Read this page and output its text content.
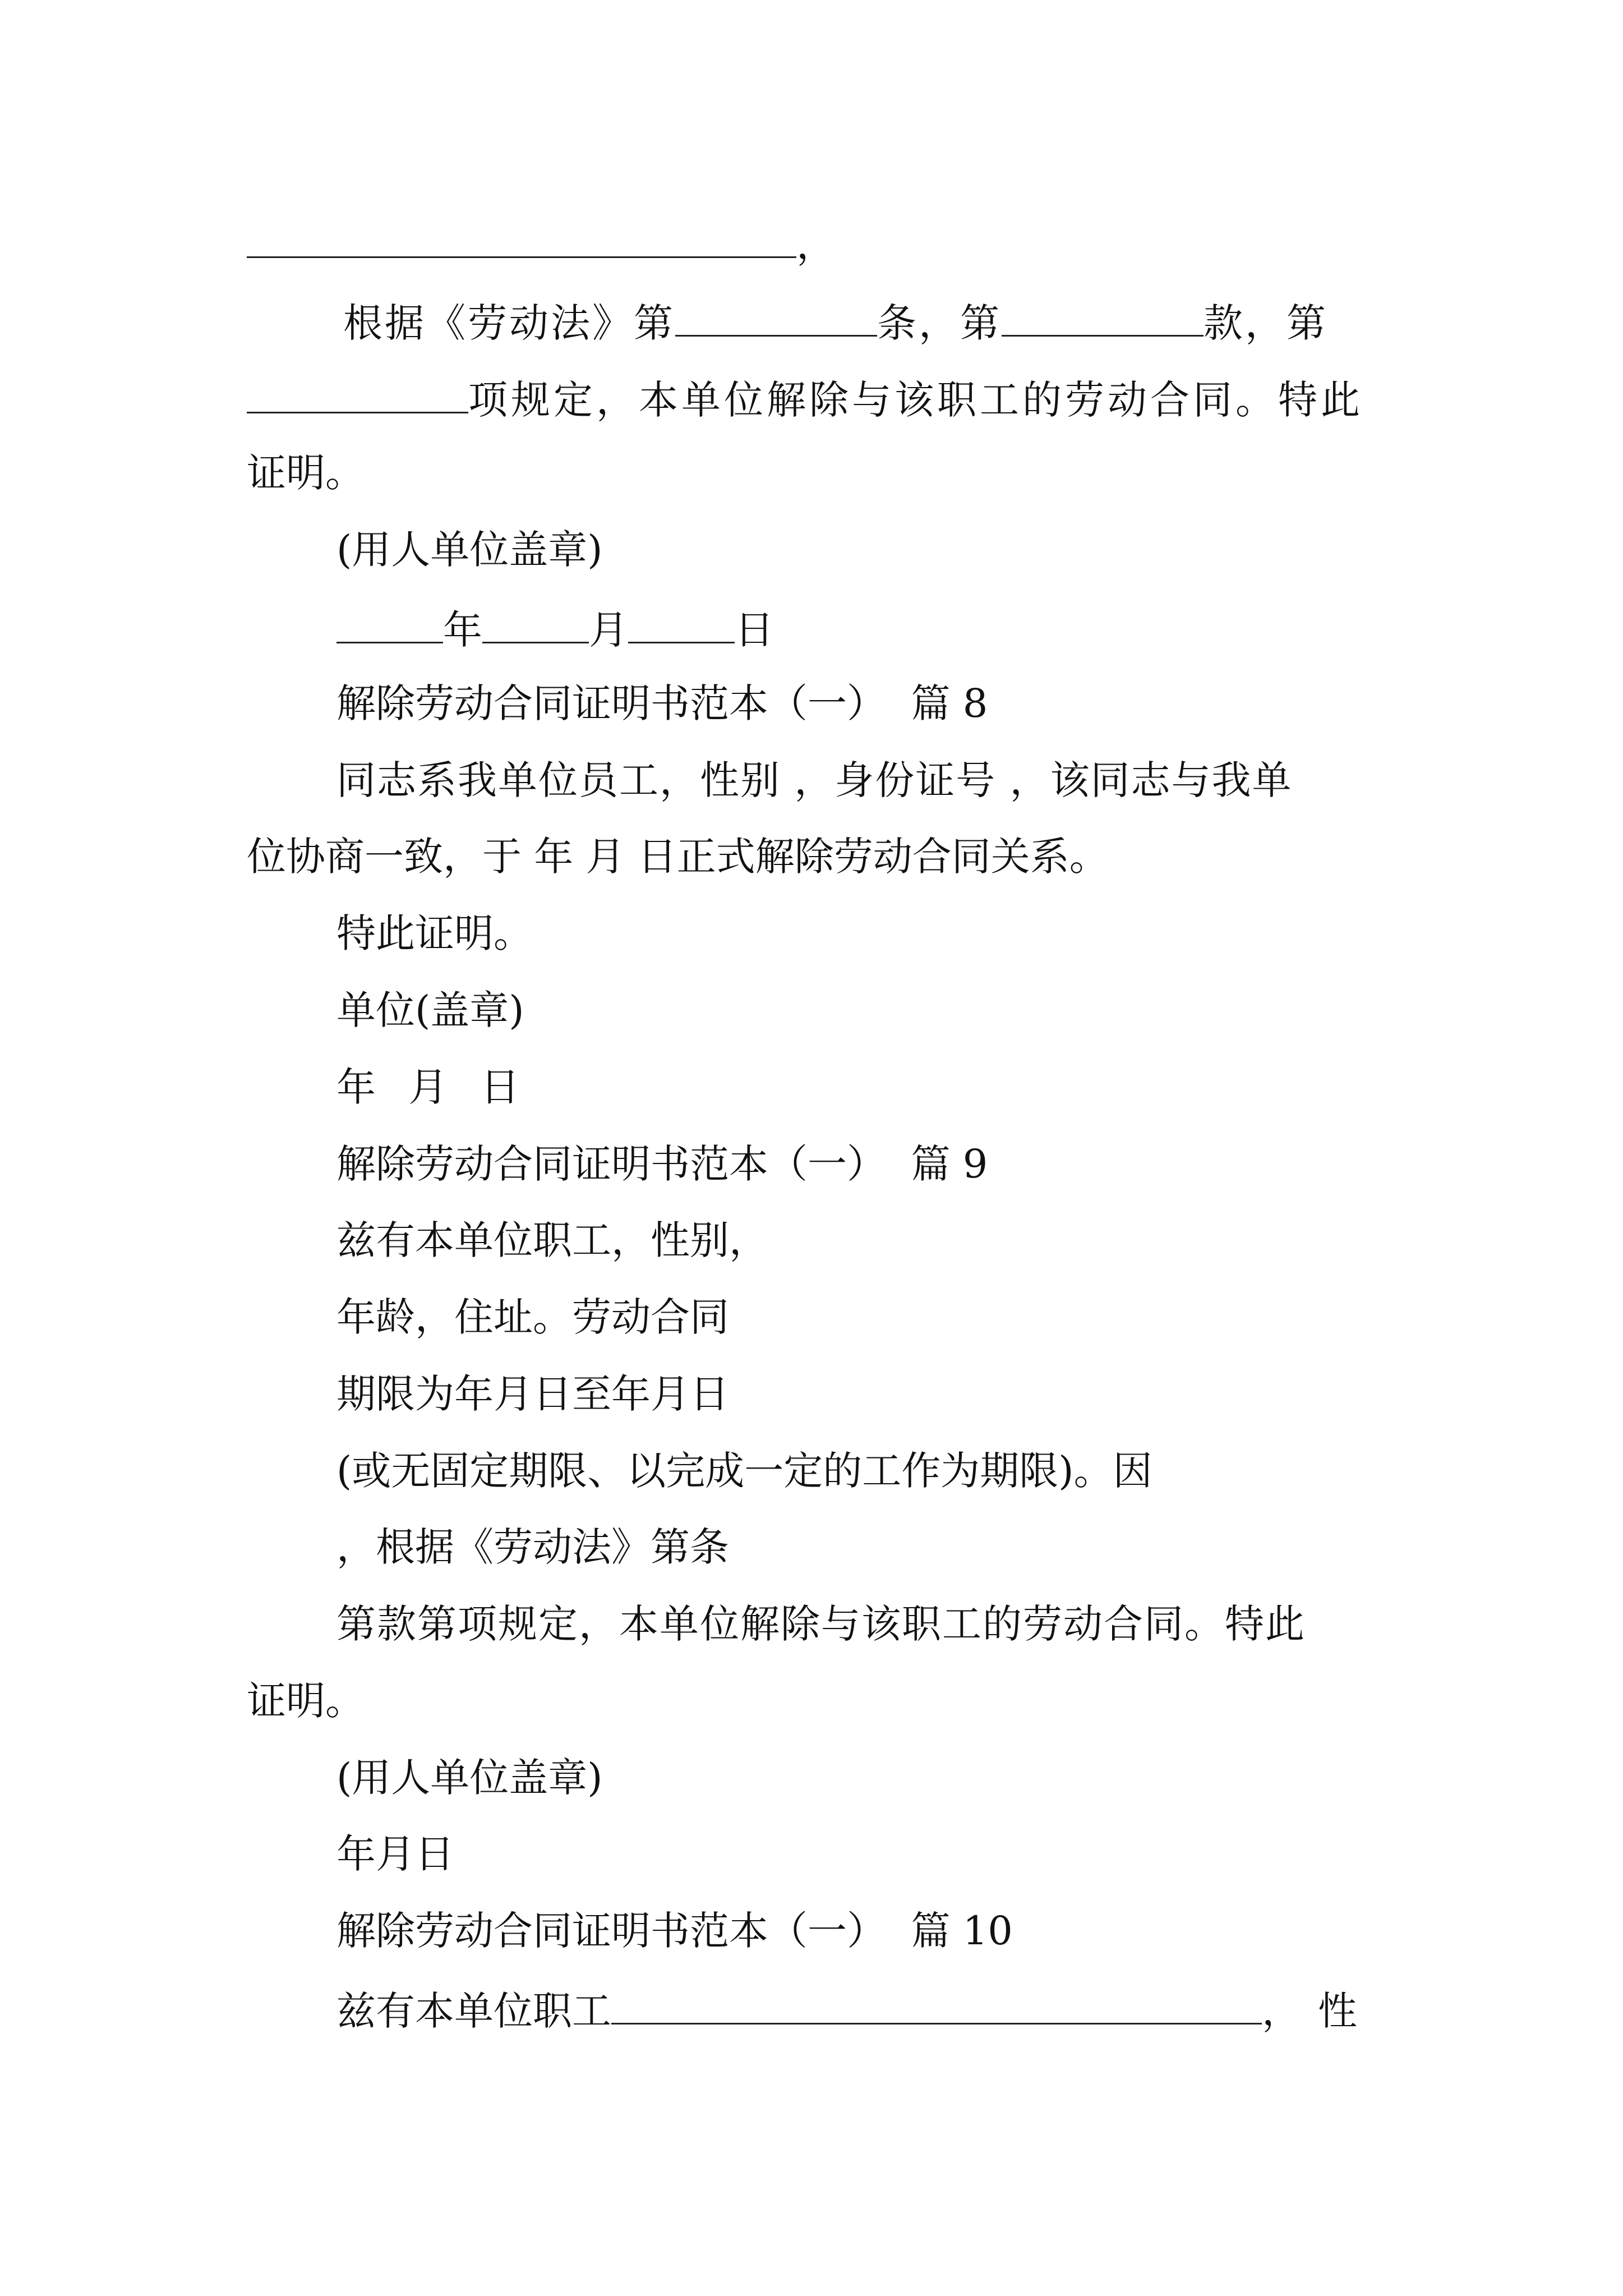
，
根据《劳动法》第	条，第	款，第
项规定，本单位解除与该职工的劳动合同。特此
证明。
(用人单位盖章)
年	月	日
解除劳动合同证明书范本（一）  篇 8
同志系我单位员工，性别 ，身份证号 ，该同志与我单
位协商一致，于 年 月 日正式解除劳动合同关系。
特此证明。
单位(盖章)
年 月 日
解除劳动合同证明书范本（一）  篇 9
兹有本单位职工，性别，
年龄，住址。劳动合同
期限为年月日至年月日
(或无固定期限、以完成一定的工作为期限)。因
，根据《劳动法》第条
第款第项规定，本单位解除与该职工的劳动合同。特此
证明。
(用人单位盖章)
年月日
解除劳动合同证明书范本（一）  篇 10
兹有本单位职工	，性
